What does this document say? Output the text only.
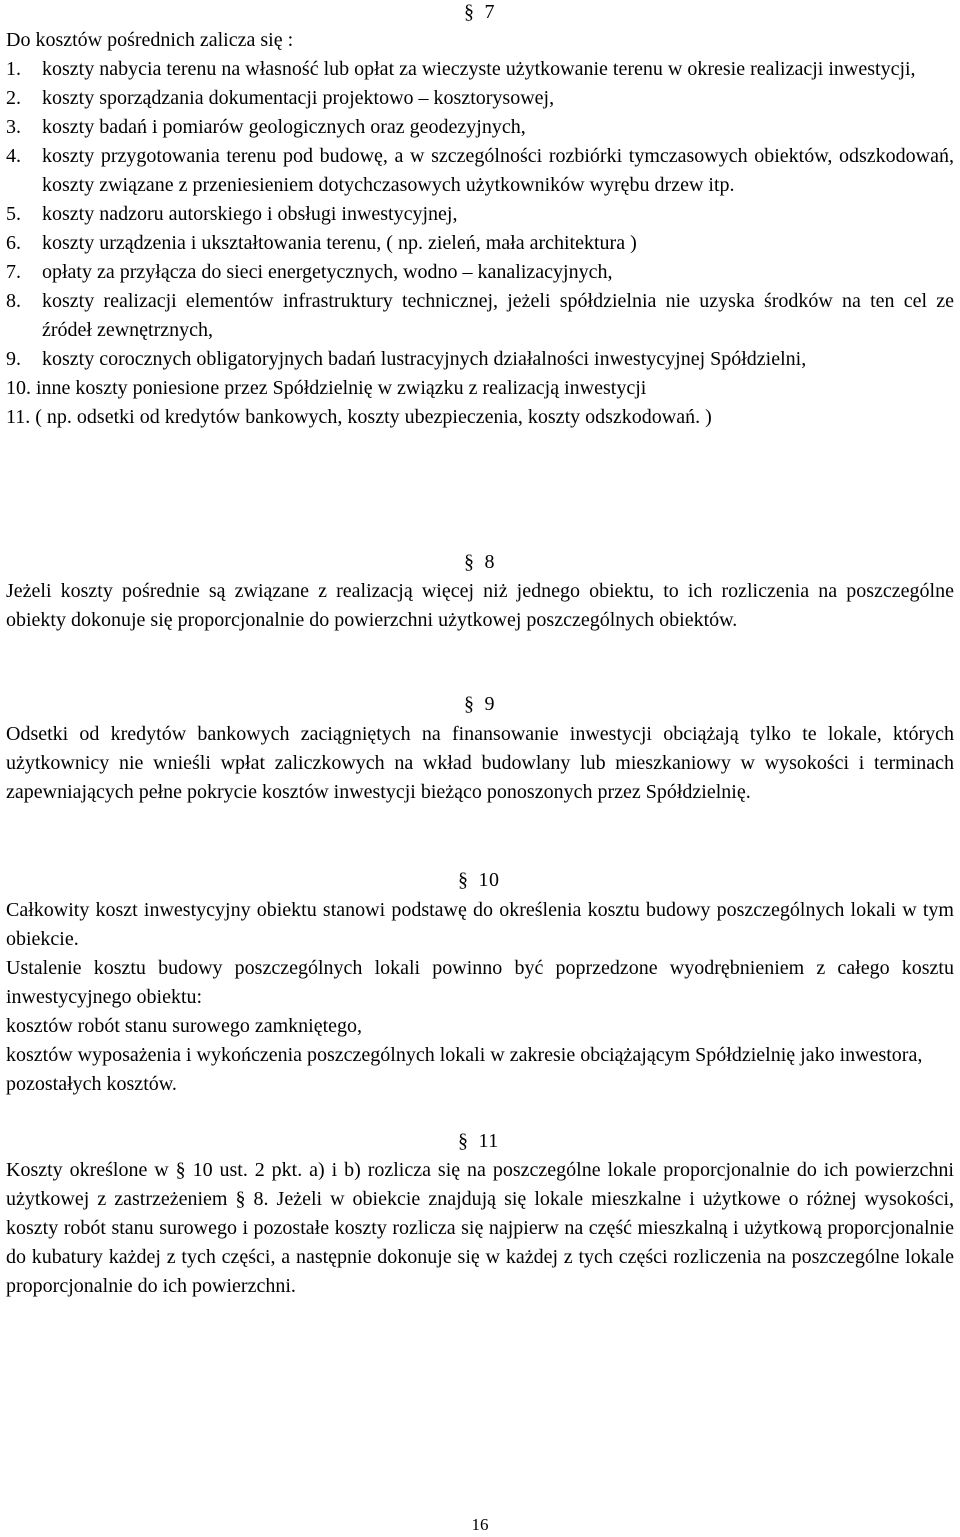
§ 7

Do kosztów pośrednich zalicza się :

1. koszty nabycia terenu na własność lub opłat za wieczyste użytkowanie terenu w okresie realizacji inwestycji,
2. koszty sporządzania dokumentacji projektowo – kosztorysowej,
3. koszty badań i pomiarów geologicznych oraz geodezyjnych,
4. koszty przygotowania terenu pod budowę, a w szczególności rozbiórki tymczasowych obiektów, odszkodowań, koszty związane z przeniesieniem dotychczasowych użytkowników wyrębu drzew itp.
5. koszty nadzoru autorskiego i obsługi inwestycyjnej,
6. koszty urządzenia i ukształtowania terenu, ( np. zieleń, mała architektura )
7. opłaty za przyłącza do sieci energetycznych, wodno – kanalizacyjnych,
8. koszty realizacji elementów infrastruktury technicznej, jeżeli spółdzielnia nie uzyska środków na ten cel ze źródeł zewnętrznych,
9. koszty corocznych obligatoryjnych badań lustracyjnych działalności inwestycyjnej Spółdzielni,
10. inne koszty poniesione przez Spółdzielnię w związku z realizacją inwestycji
11. ( np. odsetki od kredytów bankowych, koszty ubezpieczenia, koszty odszkodowań. )
§ 8

Jeżeli koszty pośrednie są związane z realizacją więcej niż jednego obiektu, to ich rozliczenia na poszczególne obiekty dokonuje się proporcjonalnie do powierzchni użytkowej poszczególnych obiektów.

§ 9

Odsetki od kredytów bankowych zaciągniętych na finansowanie inwestycji obciążają tylko te lokale, których użytkownicy nie wnieśli wpłat zaliczkowych na wkład budowlany lub mieszkaniowy w wysokości i terminach zapewniających pełne pokrycie kosztów inwestycji bieżąco ponoszonych przez Spółdzielnię.

§ 10

Całkowity koszt inwestycyjny obiektu stanowi podstawę do określenia kosztu budowy poszczególnych lokali w tym obiekcie.

Ustalenie kosztu budowy poszczególnych lokali powinno być poprzedzone wyodrębnieniem z całego kosztu inwestycyjnego obiektu:

kosztów robót stanu surowego zamkniętego,

kosztów wyposażenia i wykończenia poszczególnych lokali w zakresie obciążającym Spółdzielnię jako inwestora,

pozostałych kosztów.

§ 11

Koszty określone w § 10 ust. 2 pkt. a) i b) rozlicza się na poszczególne lokale proporcjonalnie do ich powierzchni użytkowej z zastrzeżeniem § 8. Jeżeli w obiekcie znajdują się lokale mieszkalne i użytkowe o różnej wysokości, koszty robót stanu surowego i pozostałe koszty rozlicza się najpierw na część mieszkalną i użytkową proporcjonalnie do kubatury każdej z tych części, a następnie dokonuje się w każdej z tych części rozliczenia na poszczególne lokale proporcjonalnie do ich powierzchni.

16
